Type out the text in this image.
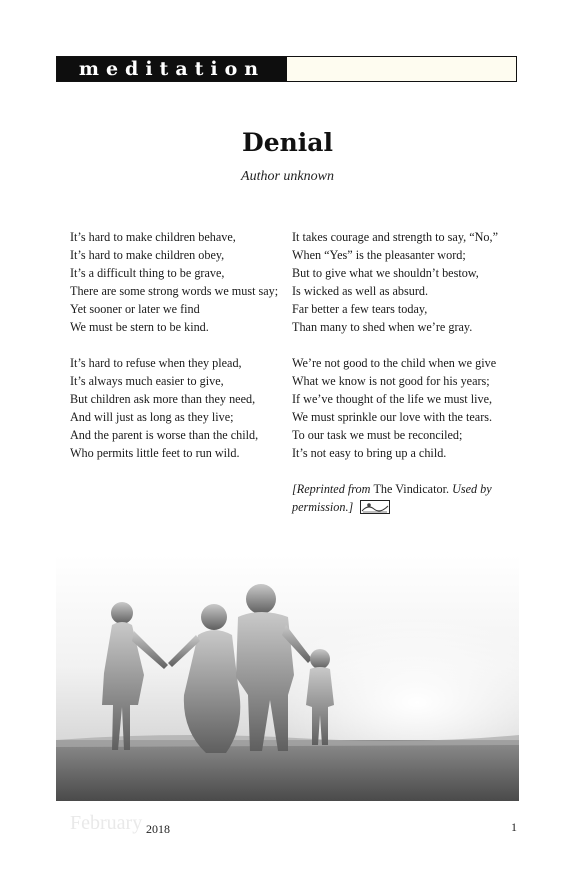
meditation
Denial
Author unknown
It’s hard to make children behave,
It’s hard to make children obey,
It’s a difficult thing to be grave,
There are some strong words we must say;
Yet sooner or later we find
We must be stern to be kind.
It’s hard to refuse when they plead,
It’s always much easier to give,
But children ask more than they need,
And will just as long as they live;
And the parent is worse than the child,
Who permits little feet to run wild.
It takes courage and strength to say, “No,”
When “Yes” is the pleasanter word;
But to give what we shouldn’t bestow,
Is wicked as well as absurd.
Far better a few tears today,
Than many to shed when we’re gray.
We’re not good to the child when we give
What we know is not good for his years;
If we’ve thought of the life we must live,
We must sprinkle our love with the tears.
To our task we must be reconciled;
It’s not easy to bring up a child.
[Reprinted from The Vindicator. Used by permission.]
February 2018	1
